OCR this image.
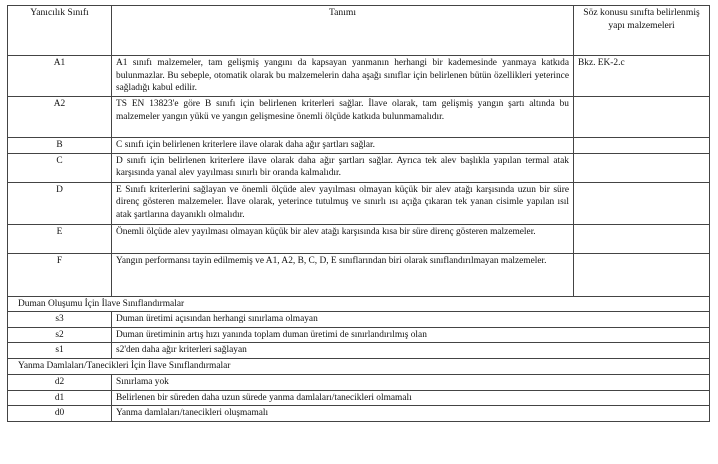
Yanıcılık Sınıfı	Tanımı	Söz konusu sınıfta belirlenmiş yapı malzemeleri
A1	A1 sınıfı malzemeler, tam gelişmiş yangını da kapsayan yanmanın herhangi bir kademesinde yanmaya katkıda bulunmazlar. Bu sebeple, otomatik olarak bu malzemelerin daha aşağı sınıflar için belirlenen bütün özellikleri yeterince sağladığı kabul edilir.	Bkz. EK-2.c
A2	TS EN 13823'e göre B sınıfı için belirlenen kriterleri sağlar. İlave olarak, tam gelişmiş yangın şartı altında bu malzemeler yangın yükü ve yangın gelişmesine önemli ölçüde katkıda bulunmamalıdır.	
B	C sınıfı için belirlenen kriterlere ilave olarak daha ağır şartları sağlar.	
C	D sınıfı için belirlenen kriterlere ilave olarak daha ağır şartları sağlar. Ayrıca tek alev başlıkla yapılan termal atak karşısında yanal alev yayılması sınırlı bir oranda kalmalıdır.	
D	E Sınıfı kriterlerini sağlayan ve önemli ölçüde alev yayılması olmayan küçük bir alev atağı karşısında uzun bir süre direnç gösteren malzemeler. İlave olarak, yeterince tutulmuş ve sınırlı ısı açığa çıkaran tek yanan cisimle yapılan ısıl atak şartlarına dayanıklı olmalıdır.	
E	Önemli ölçüde alev yayılması olmayan küçük bir alev atağı karşısında kısa bir süre direnç gösteren malzemeler.	
F	Yangın performansı tayin edilmemiş ve A1, A2, B, C, D, E sınıflarından biri olarak sınıflandırılmayan malzemeler.	
Duman Oluşumu İçin İlave Sınıflandırmalar		
s3	Duman üretimi açısından herhangi sınırlama olmayan	
s2	Duman üretiminin artış hızı yanında toplam duman üretimi de sınırlandırılmış olan	
s1	s2'den daha ağır kriterleri sağlayan	
Yanma Damlaları/Tanecikleri İçin İlave Sınıflandırmalar		
d2	Sınırlama yok	
d1	Belirlenen bir süreden daha uzun sürede yanma damlaları/tanecikleri olmamalı	
d0	Yanma damlaları/tanecikleri oluşmamalı	
